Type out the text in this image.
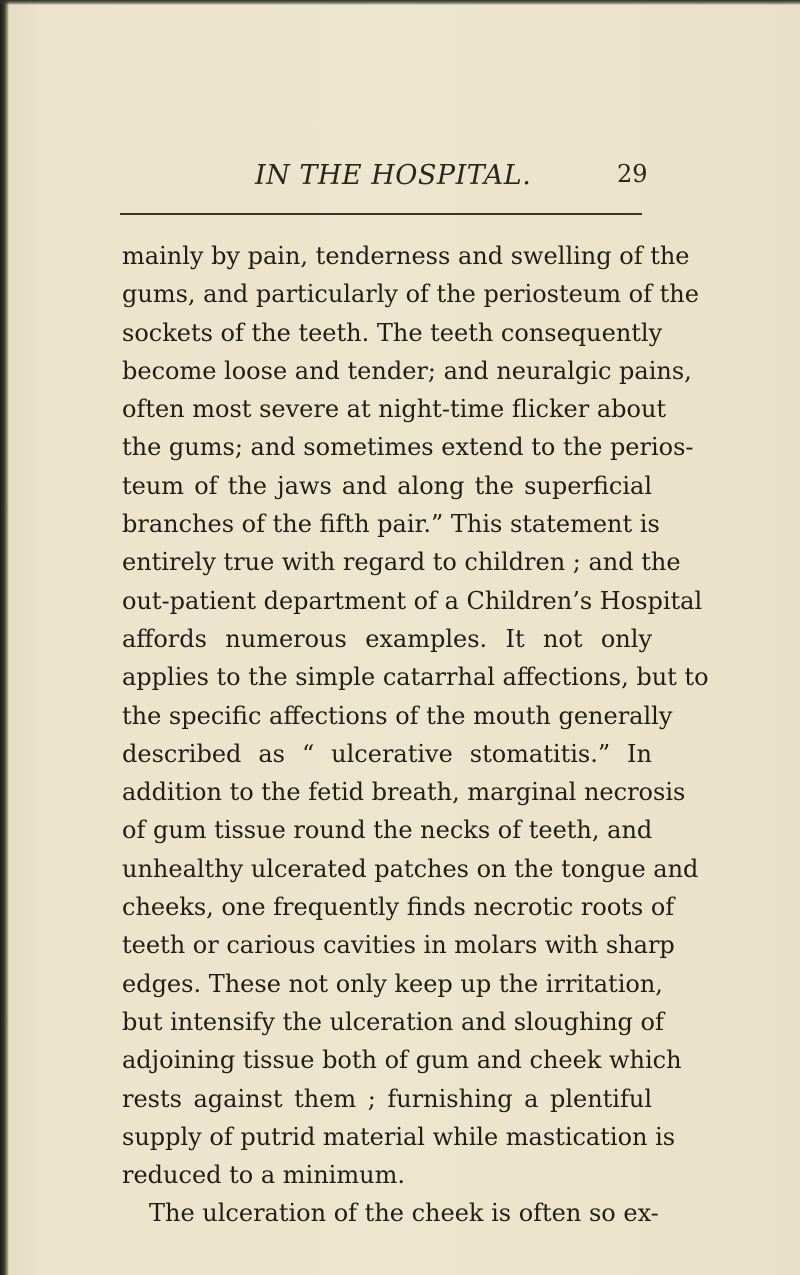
IN THE HOSPITAL.	29
mainly by pain, tenderness and swelling of the
gums, and particularly of the periosteum of the
sockets of the teeth. The teeth consequently
become loose and tender; and neuralgic pains,
often most severe at night-time flicker about
the gums; and sometimes extend to the perios-
teum of the jaws and along the superficial
branches of the fifth pair.” This statement is
entirely true with regard to children ; and the
out-patient department of a Children’s Hospital
affords numerous examples. It not only
applies to the simple catarrhal affections, but to
the specific affections of the mouth generally
described as “ ulcerative stomatitis.” In
addition to the fetid breath, marginal necrosis
of gum tissue round the necks of teeth, and
unhealthy ulcerated patches on the tongue and
cheeks, one frequently finds necrotic roots of
teeth or carious cavities in molars with sharp
edges. These not only keep up the irritation,
but intensify the ulceration and sloughing of
adjoining tissue both of gum and cheek which
rests against them ; furnishing a plentiful
supply of putrid material while mastication is
reduced to a minimum.
The ulceration of the cheek is often so ex-
